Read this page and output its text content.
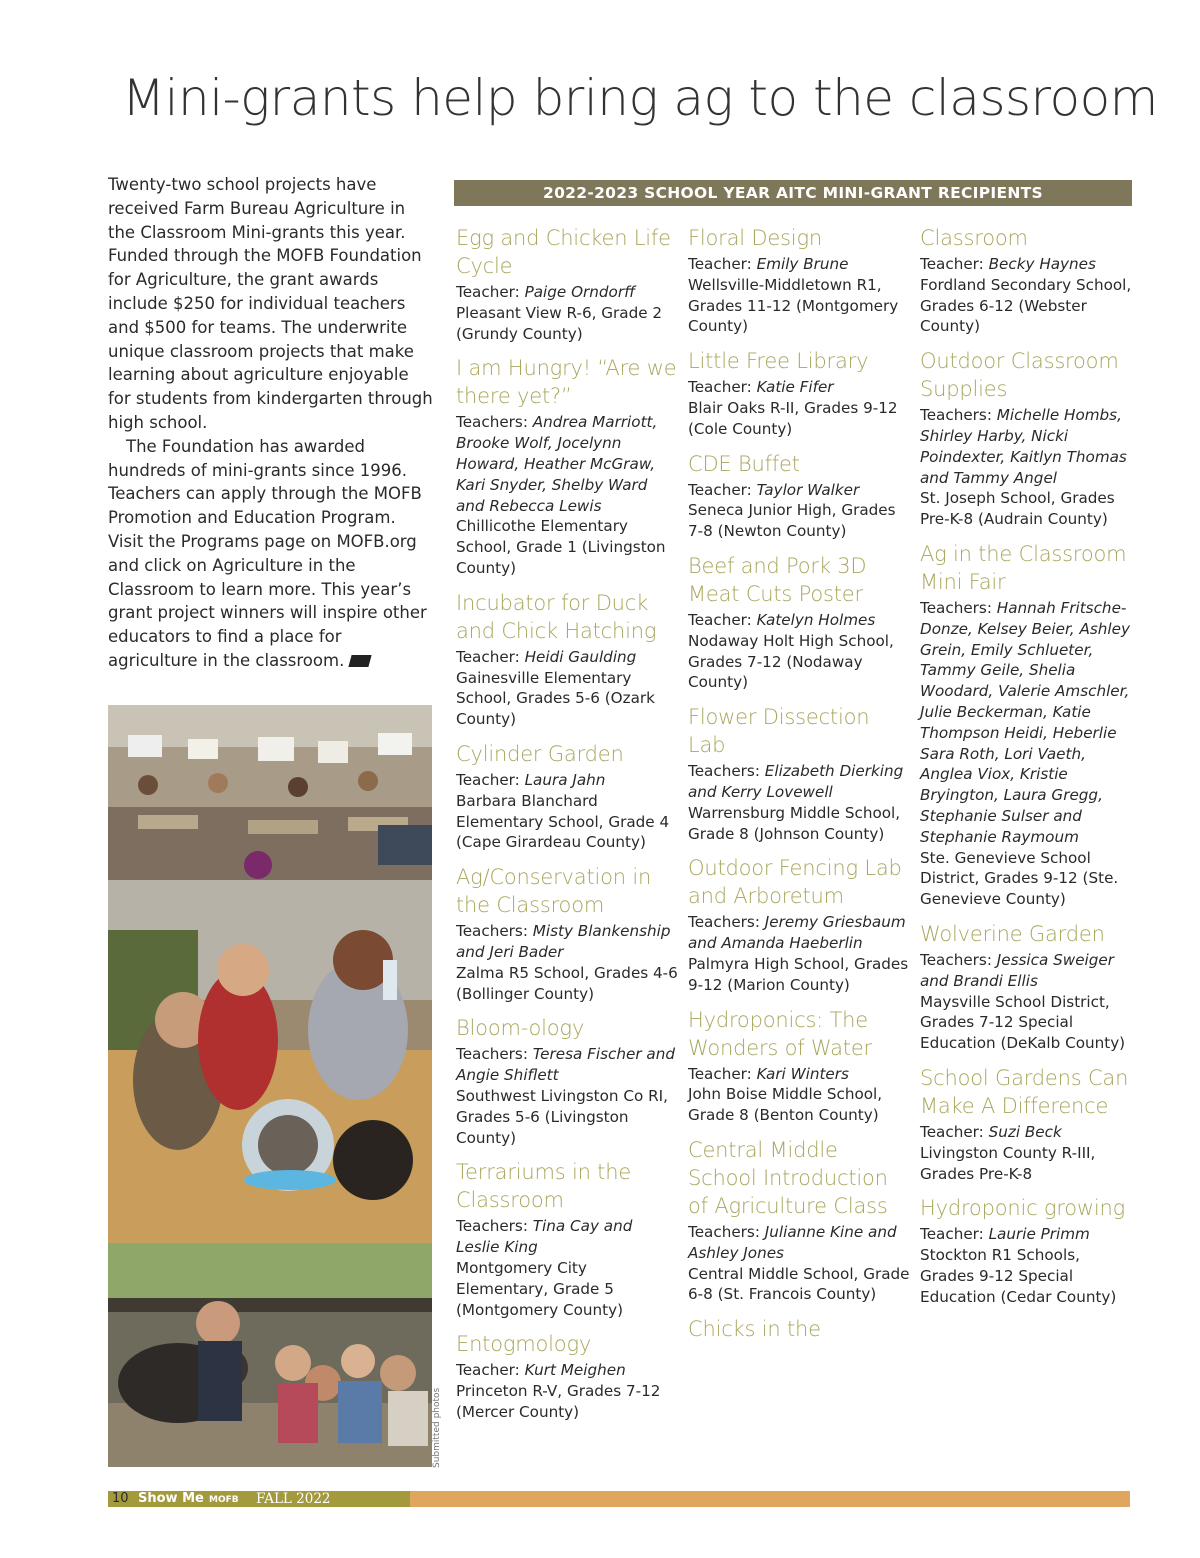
Mini-grants help bring ag to the classroom

Twenty-two school projects have received Farm Bureau Agriculture in the Classroom Mini-grants this year. Funded through the MOFB Foundation for Agriculture, the grant awards include $250 for individual teachers and $500 for teams. The underwrite unique classroom projects that make learning about agriculture enjoyable for students from kindergarten through high school.

The Foundation has awarded hundreds of mini-grants since 1996. Teachers can apply through the MOFB Promotion and Education Program. Visit the Programs page on MOFB.org and click on Agriculture in the Classroom to learn more. This year’s grant project winners will inspire other educators to find a place for agriculture in the classroom.

Submitted photos
2022-2023 SCHOOL YEAR AITC MINI-GRANT RECIPIENTS
Egg and Chicken Life Cycle
Teacher: Paige Orndorff
Pleasant View R-6, Grade 2 (Grundy County)
I am Hungry! “Are we there yet?”
Teachers: Andrea Marriott, Brooke Wolf, Jocelynn Howard, Heather McGraw, Kari Snyder, Shelby Ward and Rebecca Lewis
Chillicothe Elementary School, Grade 1 (Livingston County)
Incubator for Duck and Chick Hatching
Teacher: Heidi Gaulding
Gainesville Elementary School, Grades 5-6 (Ozark County)
Cylinder Garden
Teacher: Laura Jahn
Barbara Blanchard Elementary School, Grade 4 (Cape Girardeau County)
Ag/Conservation in the Classroom
Teachers: Misty Blankenship and Jeri Bader
Zalma R5 School, Grades 4-6 (Bollinger County)
Bloom-ology
Teachers: Teresa Fischer and Angie Shiflett
Southwest Livingston Co RI, Grades 5-6 (Livingston County)
Terrariums in the Classroom
Teachers: Tina Cay and Leslie King
Montgomery City Elementary, Grade 5 (Montgomery County)
Entogmology
Teacher: Kurt Meighen
Princeton R-V, Grades 7-12 (Mercer County)
Floral Design
Teacher: Emily Brune
Wellsville-Middletown R1, Grades 11-12 (Montgomery County)
Little Free Library
Teacher: Katie Fifer
Blair Oaks R-II, Grades 9-12 (Cole County)
CDE Buffet
Teacher: Taylor Walker
Seneca Junior High, Grades 7-8 (Newton County)
Beef and Pork 3D Meat Cuts Poster
Teacher: Katelyn Holmes
Nodaway Holt High School, Grades 7-12 (Nodaway County)
Flower Dissection Lab
Teachers: Elizabeth Dierking and Kerry Lovewell
Warrensburg Middle School, Grade 8 (Johnson County)
Outdoor Fencing Lab and Arboretum
Teachers: Jeremy Griesbaum and Amanda Haeberlin
Palmyra High School, Grades 9-12 (Marion County)
Hydroponics: The Wonders of Water
Teacher: Kari Winters
John Boise Middle School, Grade 8 (Benton County)
Central Middle School Introduction of Agriculture Class
Teachers: Julianne Kine and Ashley Jones
Central Middle School, Grade 6-8 (St. Francois County)
Chicks in the
Classroom
Teacher: Becky Haynes
Fordland Secondary School, Grades 6-12 (Webster County)
Outdoor Classroom Supplies
Teachers: Michelle Hombs, Shirley Harby, Nicki Poindexter, Kaitlyn Thomas and Tammy Angel
St. Joseph School, Grades Pre-K-8 (Audrain County)
Ag in the Classroom Mini Fair
Teachers: Hannah Fritsche-Donze, Kelsey Beier, Ashley Grein, Emily Schlueter, Tammy Geile, Shelia Woodard, Valerie Amschler, Julie Beckerman, Katie Thompson Heidi, Heberlie Sara Roth, Lori Vaeth, Anglea Viox, Kristie Bryington, Laura Gregg, Stephanie Sulser and Stephanie Raymoum
Ste. Genevieve School District, Grades 9-12 (Ste. Genevieve County)
Wolverine Garden
Teachers: Jessica Sweiger and Brandi Ellis
Maysville School District, Grades 7-12 Special Education (DeKalb County)
School Gardens Can Make A Difference
Teacher: Suzi Beck
Livingston County R-III, Grades Pre-K-8
Hydroponic growing
Teacher: Laurie Primm
Stockton R1 Schools, Grades 9-12 Special Education (Cedar County)
10 Show Me MOFB FALL 2022
